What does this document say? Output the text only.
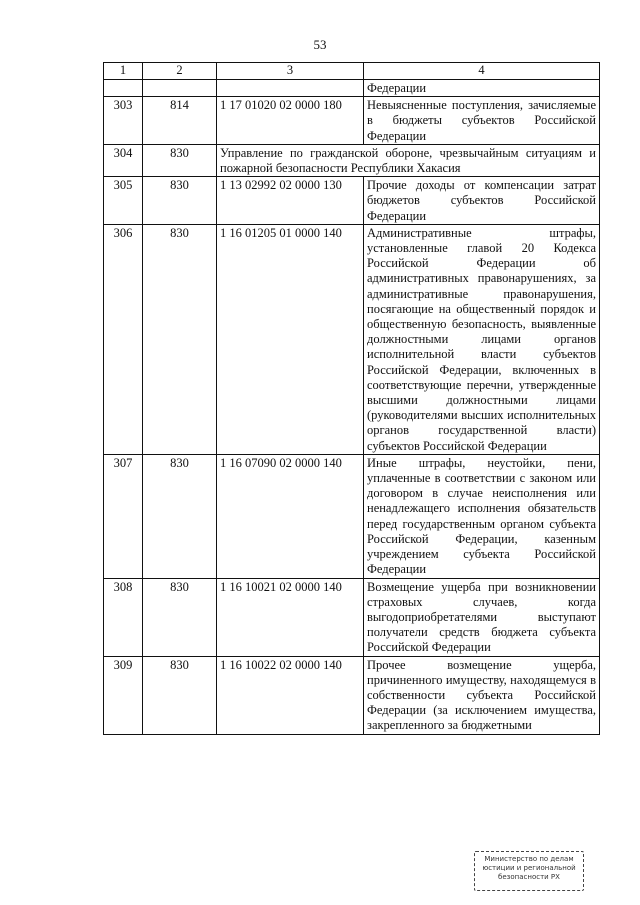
53
1	2	3	4
			Федерации
303	814	1 17 01020 02 0000 180	Невыясненные поступления, зачисляемые в бюджеты субъектов Российской Федерации
304	830	Управление по гражданской обороне, чрезвычайным ситуациям и пожарной безопасности Республики Хакасия	
305	830	1 13 02992 02 0000 130	Прочие доходы от компенсации затрат бюджетов субъектов Российской Федерации
306	830	1 16 01205 01 0000 140	Административные штрафы, установленные главой 20 Кодекса Российской Федерации об административных правонарушениях, за административные правонарушения, посягающие на общественный порядок и общественную безопасность, выявленные должностными лицами органов исполнительной власти субъектов Российской Федерации, включенных в соответствующие перечни, утвержденные высшими должностными лицами (руководителями высших исполнительных органов государственной власти) субъектов Российской Федерации
307	830	1 16 07090 02 0000 140	Иные штрафы, неустойки, пени, уплаченные в соответствии с законом или договором в случае неисполнения или ненадлежащего исполнения обязательств перед государственным органом субъекта Российской Федерации, казенным учреждением субъекта Российской Федерации
308	830	1 16 10021 02 0000 140	Возмещение ущерба при возникновении страховых случаев, когда выгодоприобретателями выступают получатели средств бюджета субъекта Российской Федерации
309	830	1 16 10022 02 0000 140	Прочее возмещение ущерба, причиненного имуществу, находящемуся в собственности субъекта Российской Федерации (за исключением имущества, закрепленного за бюджетными
Министерство по делам
юстиции и региональной
безопасности РХ
